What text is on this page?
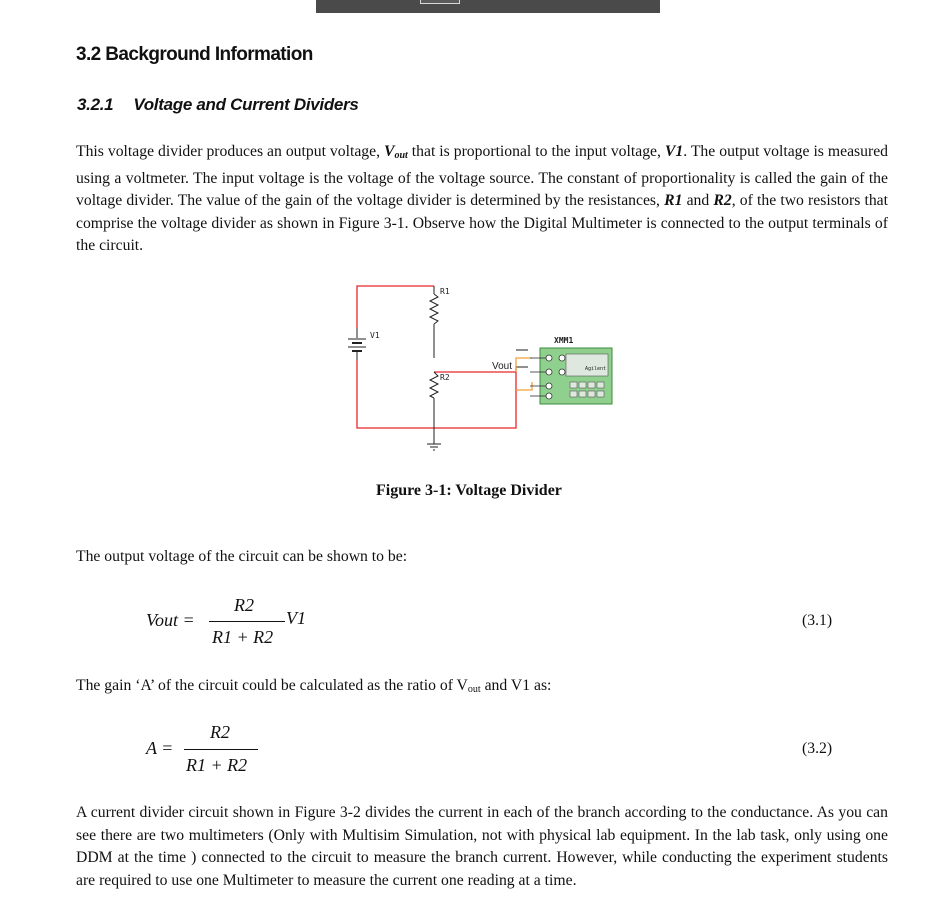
3.2 Background Information
3.2.1 Voltage and Current Dividers

This voltage divider produces an output voltage, $V_{out}$ that is proportional to the input voltage, V1. The output voltage is measured using a voltmeter. The input voltage is the voltage of the voltage source. The constant of proportionality is called the gain of the voltage divider. The value of the gain of the voltage divider is determined by the resistances, R1 and R2, of the two resistors that comprise the voltage divider as shown in Figure 3-1. Observe how the Digital Multimeter is connected to the output terminals of the circuit.

R1
R2
V1
XMM1
Agilent
Vout
Figure 3-1: Voltage Divider
The output voltage of the circuit can be shown to be:
Vout =
R2
R1 + R2
V1	(3.1)
The gain ‘A’ of the circuit could be calculated as the ratio of $V_{out}$ and V1 as:
A =
R2
R1 + R2
(3.2)

A current divider circuit shown in Figure 3-2 divides the current in each of the branch according to the conductance. As you can see there are two multimeters (Only with Multisim Simulation, not with physical lab equipment. In the lab task, only using one DDM at the time ) connected to the circuit to measure the branch current. However, while conducting the experiment students are required to use one Multimeter to measure the current one reading at a time.
